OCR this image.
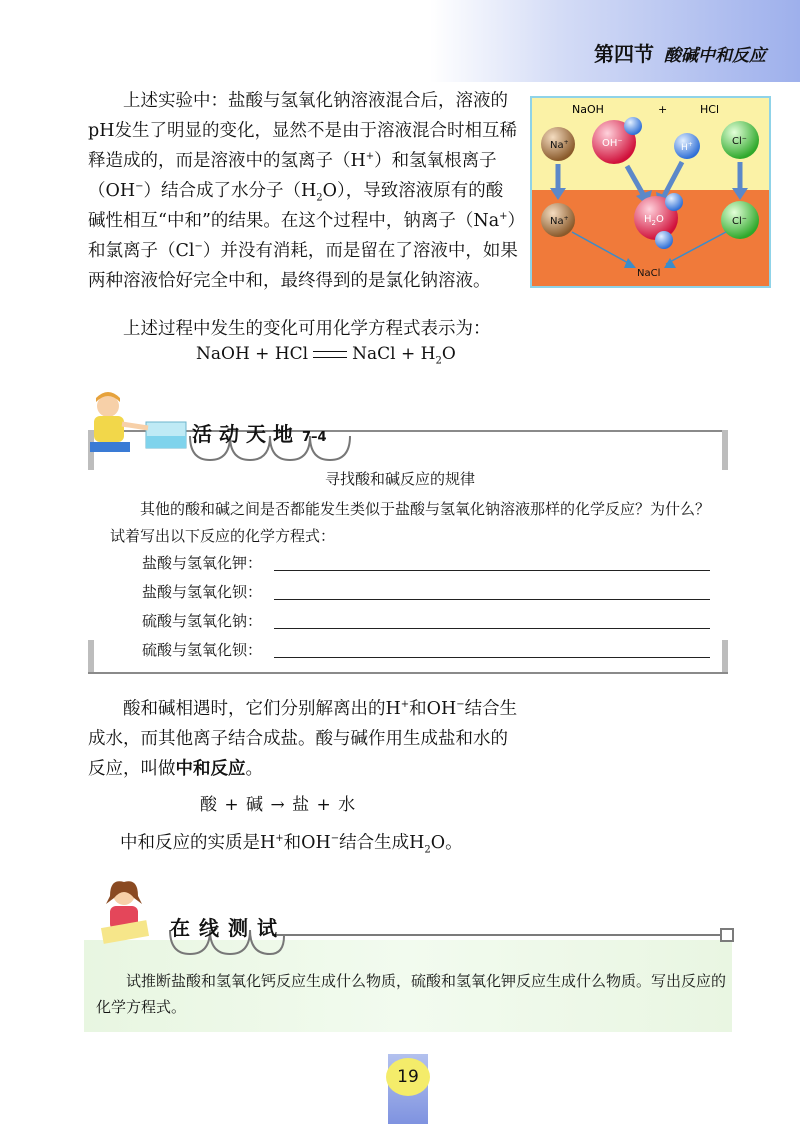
第四节 酸碱中和反应

上述实验中：盐酸与氢氧化钠溶液混合后，溶液的pH发生了明显的变化，显然不是由于溶液混合时相互稀释造成的，而是溶液中的氢离子（H+）和氢氧根离子（OH−）结合成了水分子$(H_2O)$，导致溶液原有的酸碱性相互“中和”的结果。在这个过程中，钠离子（Na+）和氯离子（Cl−）并没有消耗，而是留在了溶液中，如果两种溶液恰好完全中和，最终得到的是氯化钠溶液。

上述过程中发生的变化可用化学方程式表示为：

NaOH + HCl	NaCl + $H_2O$
NaOH	+	HCl
Na+	OH−
H+	Cl−
Na+	$H_2O$	Cl−
NaCl
活动天地 7–4
寻找酸和碱反应的规律

其他的酸和碱之间是否都能发生类似于盐酸与氢氧化钠溶液那样的化学反应？为什么？试着写出以下反应的化学方程式：

盐酸与氢氧化钾：
盐酸与氢氧化钡：
硫酸与氢氧化钠：
硫酸与氢氧化钡：

酸和碱相遇时，它们分别解离出的H+和OH−结合生成水，而其他离子结合成盐。酸与碱作用生成盐和水的反应，叫做中和反应。

酸 + 碱 → 盐 + 水

中和反应的实质是H+和OH−结合生成$H_2O$。

在线测试

试推断盐酸和氢氧化钙反应生成什么物质，硫酸和氢氧化钾反应生成什么物质。写出反应的化学方程式。

19
